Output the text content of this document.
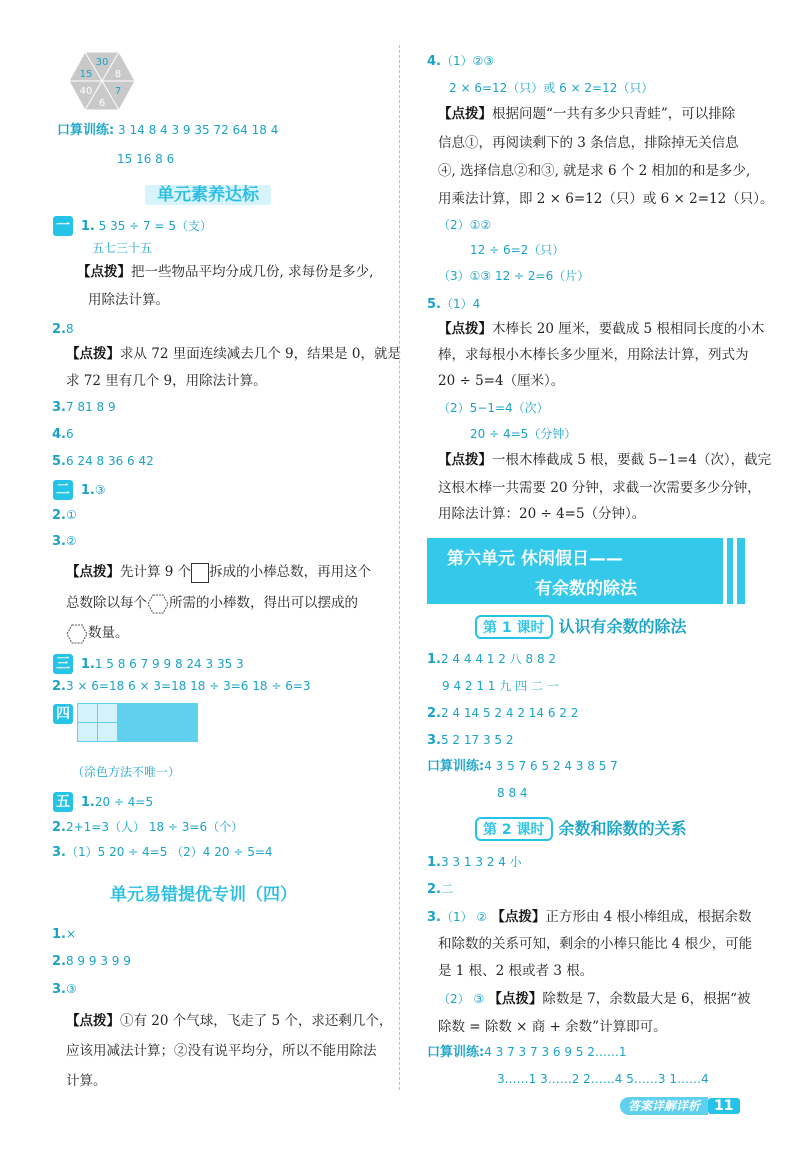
30
15 8
40 7
6
口算训练: 3 14 8 4 3 9 35 72 64 18 4
15 16 8 6
单元素养达标
一 1. 5 35 ÷ 7 = 5（支）
五七三十五
【点拨】把一些物品平均分成几份, 求每份是多少,
用除法计算。
2.8
【点拨】求从 72 里面连续减去几个 9，结果是 0，就是
求 72 里有几个 9，用除法计算。
3.7 81 8 9
4.6
5.6 24 8 36 6 42
二 1.③
2.①
3.②
【点拨】先计算 9 个 拆成的小棒总数，再用这个
总数除以每个 所需的小棒数，得出可以摆成的
数量。
三 1.1 5 8 6 7 9 9 8 24 3 35 3
2.3 × 6=18 6 × 3=18 18 ÷ 3=6 18 ÷ 6=3
四

（涂色方法不唯一）
五 1.20 ÷ 4=5
2.2+1=3（人） 18 ÷ 3=6（个）
3.（1）5 20 ÷ 4=5 （2）4 20 ÷ 5=4
单元易错提优专训（四）
1.×
2.8 9 9 3 9 9
3.③
【点拨】①有 20 个气球，飞走了 5 个，求还剩几个，
应该用减法计算；②没有说平均分，所以不能用除法
计算。
4.（1）②③
2 × 6=12（只）或 6 × 2=12（只）
【点拨】根据问题“一共有多少只青蛙”，可以排除
信息①，再阅读剩下的 3 条信息，排除掉无关信息
④, 选择信息②和③, 就是求 6 个 2 相加的和是多少,
用乘法计算，即 2 × 6=12（只）或 6 × 2=12（只）。
（2）①②
12 ÷ 6=2（只）
（3）①③ 12 ÷ 2=6（片）
5.（1）4
【点拨】木棒长 20 厘米，要截成 5 根相同长度的小木
棒，求每根小木棒长多少厘米，用除法计算，列式为
20 ÷ 5=4（厘米）。
（2）5−1=4（次）
20 ÷ 4=5（分钟）
【点拨】一根木棒截成 5 根，要截 5−1=4（次），截完
这根木棒一共需要 20 分钟，求截一次需要多少分钟，
用除法计算：20 ÷ 4=5（分钟）。
第六单元 休闲假日——
有余数的除法
第 1 课时 认识有余数的除法
1.2 4 4 4 1 2 八 8 8 2
9 4 2 1 1 九 四 二 一
2.2 4 14 5 2 4 2 14 6 2 2
3.5 2 17 3 5 2
口算训练:4 3 5 7 6 5 2 4 3 8 5 7
8 8 4
第 2 课时 余数和除数的关系
1.3 3 1 3 2 4 小
2.二
3.（1） ② 【点拨】正方形由 4 根小棒组成，根据余数
和除数的关系可知，剩余的小棒只能比 4 根少，可能
是 1 根、2 根或者 3 根。
（2） ③ 【点拨】除数是 7，余数最大是 6，根据“被
除数 = 除数 × 商 + 余数”计算即可。
口算训练:4 3 7 3 7 3 6 9 5 2……1
3……1 3……2 2……4 5……3 1……4
答案详解详析 11
